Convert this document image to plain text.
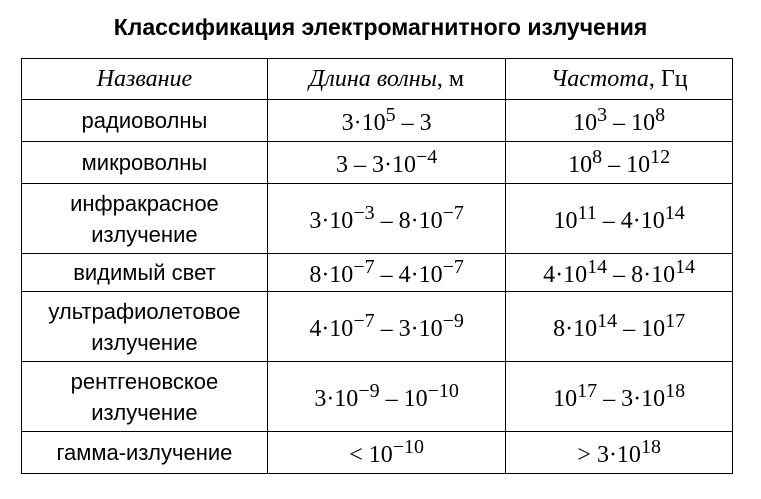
Классификация электромагнитного излучения
Название	Длина волны, м	Частота, Гц
радиоволны	$3\cdot 10^5 - 3$	$10^3 - 10^8$
микроволны	$3 - 3\cdot 10^{-4}$	$10^8 - 10^{12}$
инфракрасное излучение	$3\cdot 10^{-3} - 8\cdot 10^{-7}$	$10^{11} - 4\cdot 10^{14}$
видимый свет	$8\cdot 10^{-7} - 4\cdot 10^{-7}$	$4\cdot 10^{14} - 8\cdot 10^{14}$
ультрафиолетовое излучение	$4\cdot 10^{-7} - 3\cdot 10^{-9}$	$8\cdot 10^{14} - 10^{17}$
рентгеновское излучение	$3\cdot 10^{-9} - 10^{-10}$	$10^{17} - 3\cdot 10^{18}$
гамма-излучение	< $10^{-10}$	> $3\cdot 10^{18}$
